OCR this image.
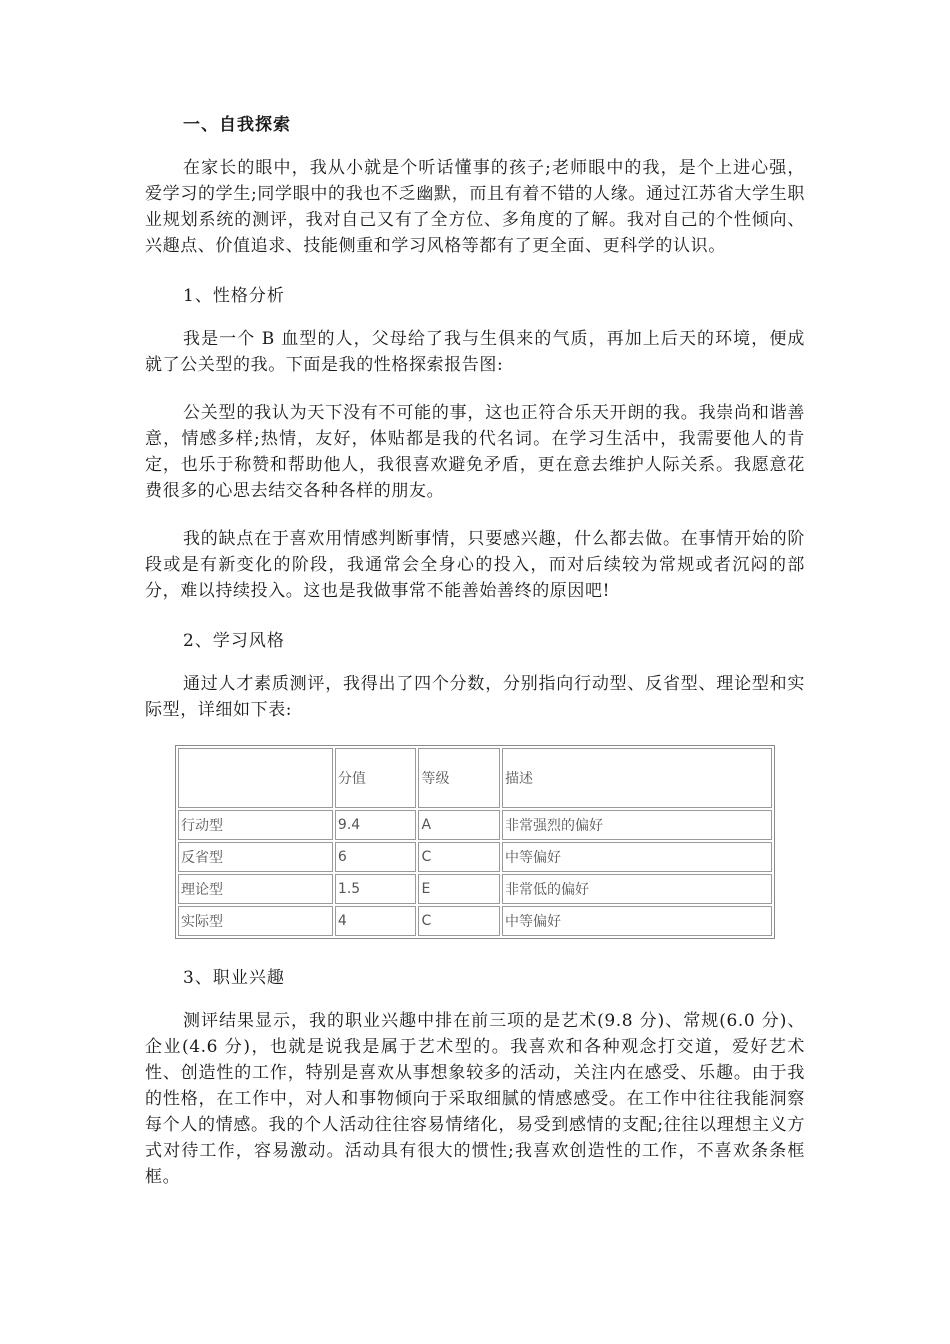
一、自我探索

在家长的眼中，我从小就是个听话懂事的孩子;老师眼中的我，是个上进心强，爱学习的学生;同学眼中的我也不乏幽默，而且有着不错的人缘。通过江苏省大学生职业规划系统的测评，我对自己又有了全方位、多角度的了解。我对自己的个性倾向、兴趣点、价值追求、技能侧重和学习风格等都有了更全面、更科学的认识。

1、性格分析

我是一个 B 血型的人，父母给了我与生俱来的气质，再加上后天的环境，便成就了公关型的我。下面是我的性格探索报告图:

公关型的我认为天下没有不可能的事，这也正符合乐天开朗的我。我崇尚和谐善意，情感多样;热情，友好，体贴都是我的代名词。在学习生活中，我需要他人的肯定，也乐于称赞和帮助他人，我很喜欢避免矛盾，更在意去维护人际关系。我愿意花费很多的心思去结交各种各样的朋友。

我的缺点在于喜欢用情感判断事情，只要感兴趣，什么都去做。在事情开始的阶段或是有新变化的阶段，我通常会全身心的投入，而对后续较为常规或者沉闷的部分，难以持续投入。这也是我做事常不能善始善终的原因吧!

2、学习风格

通过人才素质测评，我得出了四个分数，分别指向行动型、反省型、理论型和实际型，详细如下表:

	分值	等级	描述
行动型	9.4	A	非常强烈的偏好
反省型	6	C	中等偏好
理论型	1.5	E	非常低的偏好
实际型	4	C	中等偏好
3、职业兴趣

测评结果显示，我的职业兴趣中排在前三项的是艺术(9.8 分)、常规(6.0 分)、企业(4.6 分)，也就是说我是属于艺术型的。我喜欢和各种观念打交道，爱好艺术性、创造性的工作，特别是喜欢从事想象较多的活动，关注内在感受、乐趣。由于我的性格，在工作中，对人和事物倾向于采取细腻的情感感受。在工作中往往我能洞察每个人的情感。我的个人活动往往容易情绪化，易受到感情的支配;往往以理想主义方式对待工作，容易激动。活动具有很大的惯性;我喜欢创造性的工作，不喜欢条条框框。
